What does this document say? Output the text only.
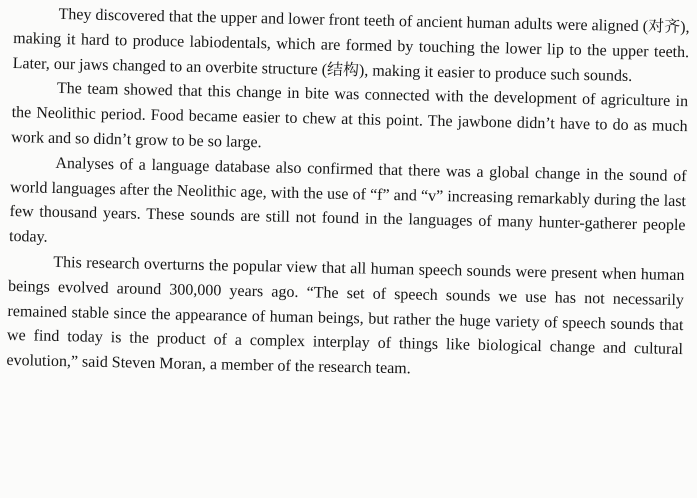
They discovered that the upper and lower front teeth of ancient human adults were aligned (对齐), making it hard to produce labiodentals, which are formed by touching the lower lip to the upper teeth. Later, our jaws changed to an overbite structure (结构), making it easier to produce such sounds.

The team showed that this change in bite was connected with the development of agriculture in the Neolithic period. Food became easier to chew at this point. The jawbone didn’t have to do as much work and so didn’t grow to be so large.

Analyses of a language database also confirmed that there was a global change in the sound of world languages after the Neolithic age, with the use of “f” and “v” increasing remarkably during the last few thousand years. These sounds are still not found in the languages of many hunter-gatherer people today.

This research overturns the popular view that all human speech sounds were present when human beings evolved around 300,000 years ago. “The set of speech sounds we use has not necessarily remained stable since the appearance of human beings, but rather the huge variety of speech sounds that we find today is the product of a complex interplay of things like biological change and cultural evolution,” said Steven Moran, a member of the research team.
